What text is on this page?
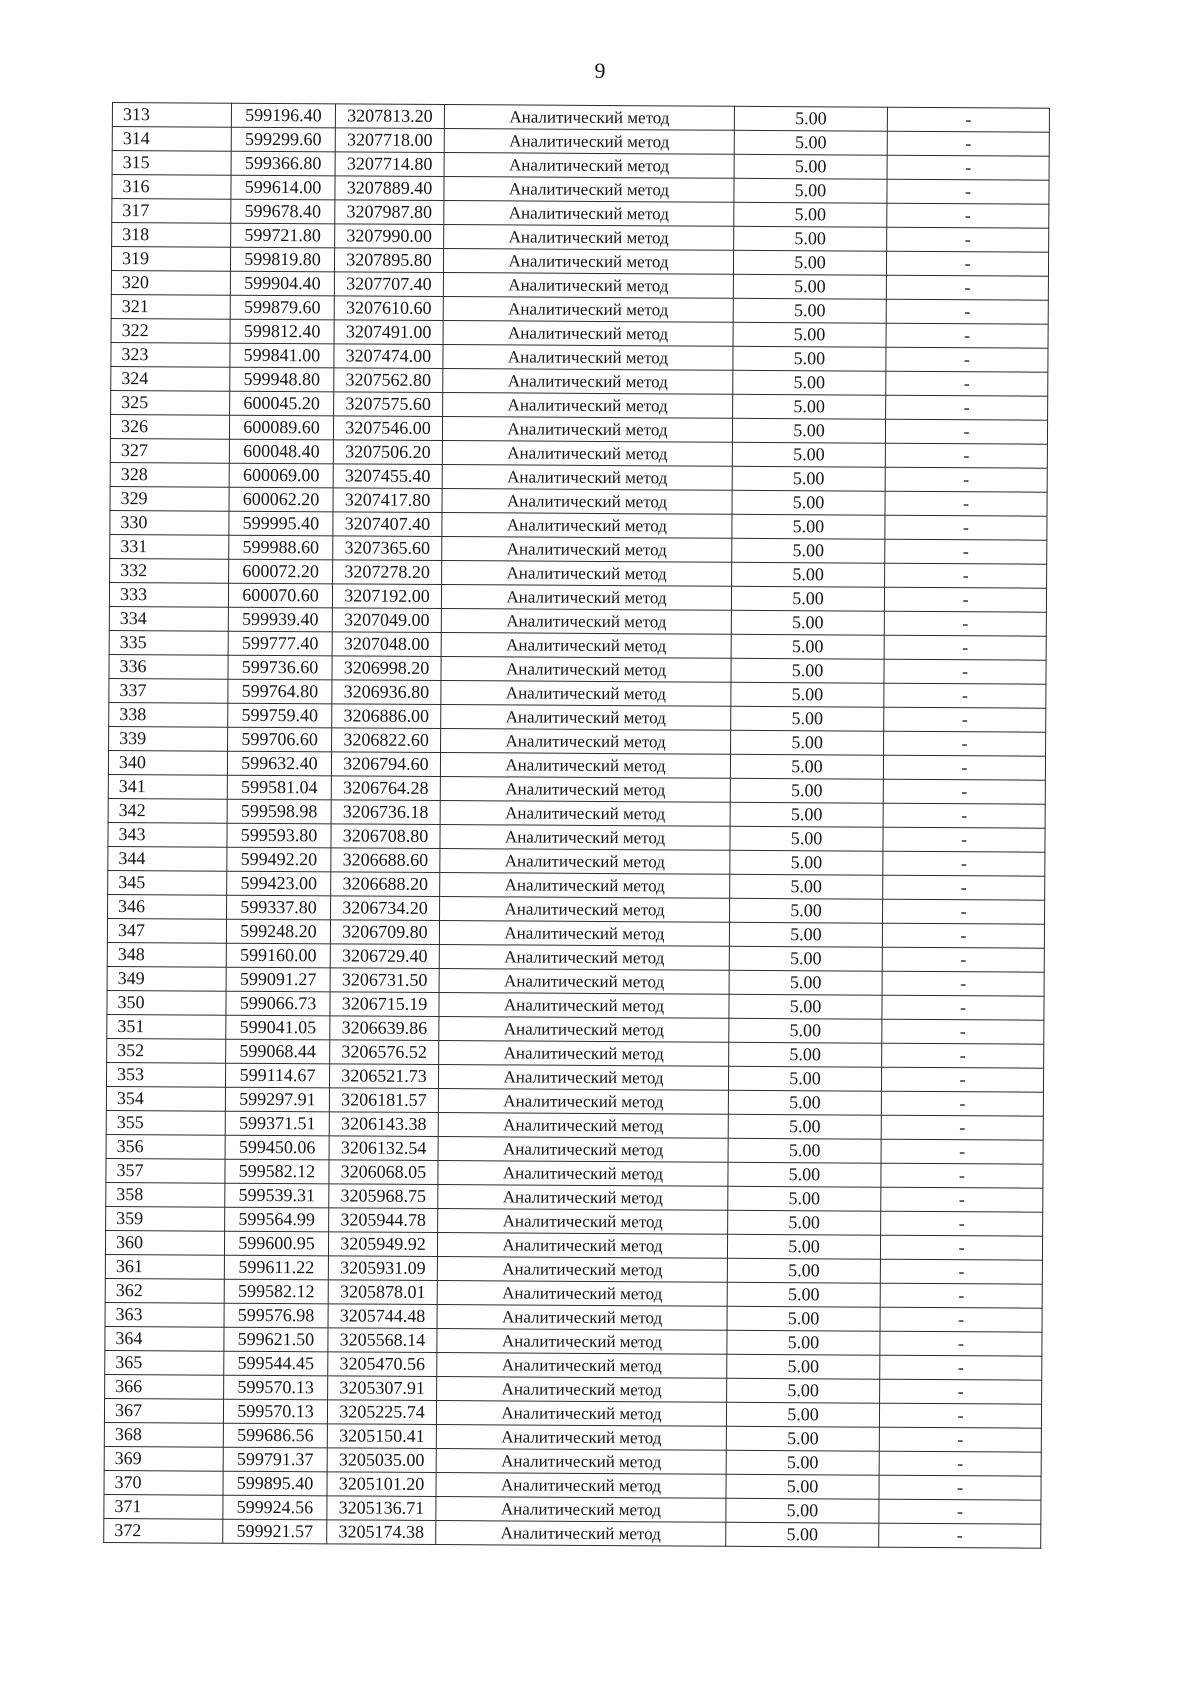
9
313	599196.40	3207813.20	Аналитический метод	5.00	-
314	599299.60	3207718.00	Аналитический метод	5.00	-
315	599366.80	3207714.80	Аналитический метод	5.00	-
316	599614.00	3207889.40	Аналитический метод	5.00	-
317	599678.40	3207987.80	Аналитический метод	5.00	-
318	599721.80	3207990.00	Аналитический метод	5.00	-
319	599819.80	3207895.80	Аналитический метод	5.00	-
320	599904.40	3207707.40	Аналитический метод	5.00	-
321	599879.60	3207610.60	Аналитический метод	5.00	-
322	599812.40	3207491.00	Аналитический метод	5.00	-
323	599841.00	3207474.00	Аналитический метод	5.00	-
324	599948.80	3207562.80	Аналитический метод	5.00	-
325	600045.20	3207575.60	Аналитический метод	5.00	-
326	600089.60	3207546.00	Аналитический метод	5.00	-
327	600048.40	3207506.20	Аналитический метод	5.00	-
328	600069.00	3207455.40	Аналитический метод	5.00	-
329	600062.20	3207417.80	Аналитический метод	5.00	-
330	599995.40	3207407.40	Аналитический метод	5.00	-
331	599988.60	3207365.60	Аналитический метод	5.00	-
332	600072.20	3207278.20	Аналитический метод	5.00	-
333	600070.60	3207192.00	Аналитический метод	5.00	-
334	599939.40	3207049.00	Аналитический метод	5.00	-
335	599777.40	3207048.00	Аналитический метод	5.00	-
336	599736.60	3206998.20	Аналитический метод	5.00	-
337	599764.80	3206936.80	Аналитический метод	5.00	-
338	599759.40	3206886.00	Аналитический метод	5.00	-
339	599706.60	3206822.60	Аналитический метод	5.00	-
340	599632.40	3206794.60	Аналитический метод	5.00	-
341	599581.04	3206764.28	Аналитический метод	5.00	-
342	599598.98	3206736.18	Аналитический метод	5.00	-
343	599593.80	3206708.80	Аналитический метод	5.00	-
344	599492.20	3206688.60	Аналитический метод	5.00	-
345	599423.00	3206688.20	Аналитический метод	5.00	-
346	599337.80	3206734.20	Аналитический метод	5.00	-
347	599248.20	3206709.80	Аналитический метод	5.00	-
348	599160.00	3206729.40	Аналитический метод	5.00	-
349	599091.27	3206731.50	Аналитический метод	5.00	-
350	599066.73	3206715.19	Аналитический метод	5.00	-
351	599041.05	3206639.86	Аналитический метод	5.00	-
352	599068.44	3206576.52	Аналитический метод	5.00	-
353	599114.67	3206521.73	Аналитический метод	5.00	-
354	599297.91	3206181.57	Аналитический метод	5.00	-
355	599371.51	3206143.38	Аналитический метод	5.00	-
356	599450.06	3206132.54	Аналитический метод	5.00	-
357	599582.12	3206068.05	Аналитический метод	5.00	-
358	599539.31	3205968.75	Аналитический метод	5.00	-
359	599564.99	3205944.78	Аналитический метод	5.00	-
360	599600.95	3205949.92	Аналитический метод	5.00	-
361	599611.22	3205931.09	Аналитический метод	5.00	-
362	599582.12	3205878.01	Аналитический метод	5.00	-
363	599576.98	3205744.48	Аналитический метод	5.00	-
364	599621.50	3205568.14	Аналитический метод	5.00	-
365	599544.45	3205470.56	Аналитический метод	5.00	-
366	599570.13	3205307.91	Аналитический метод	5.00	-
367	599570.13	3205225.74	Аналитический метод	5.00	-
368	599686.56	3205150.41	Аналитический метод	5.00	-
369	599791.37	3205035.00	Аналитический метод	5.00	-
370	599895.40	3205101.20	Аналитический метод	5.00	-
371	599924.56	3205136.71	Аналитический метод	5.00	-
372	599921.57	3205174.38	Аналитический метод	5.00	-
